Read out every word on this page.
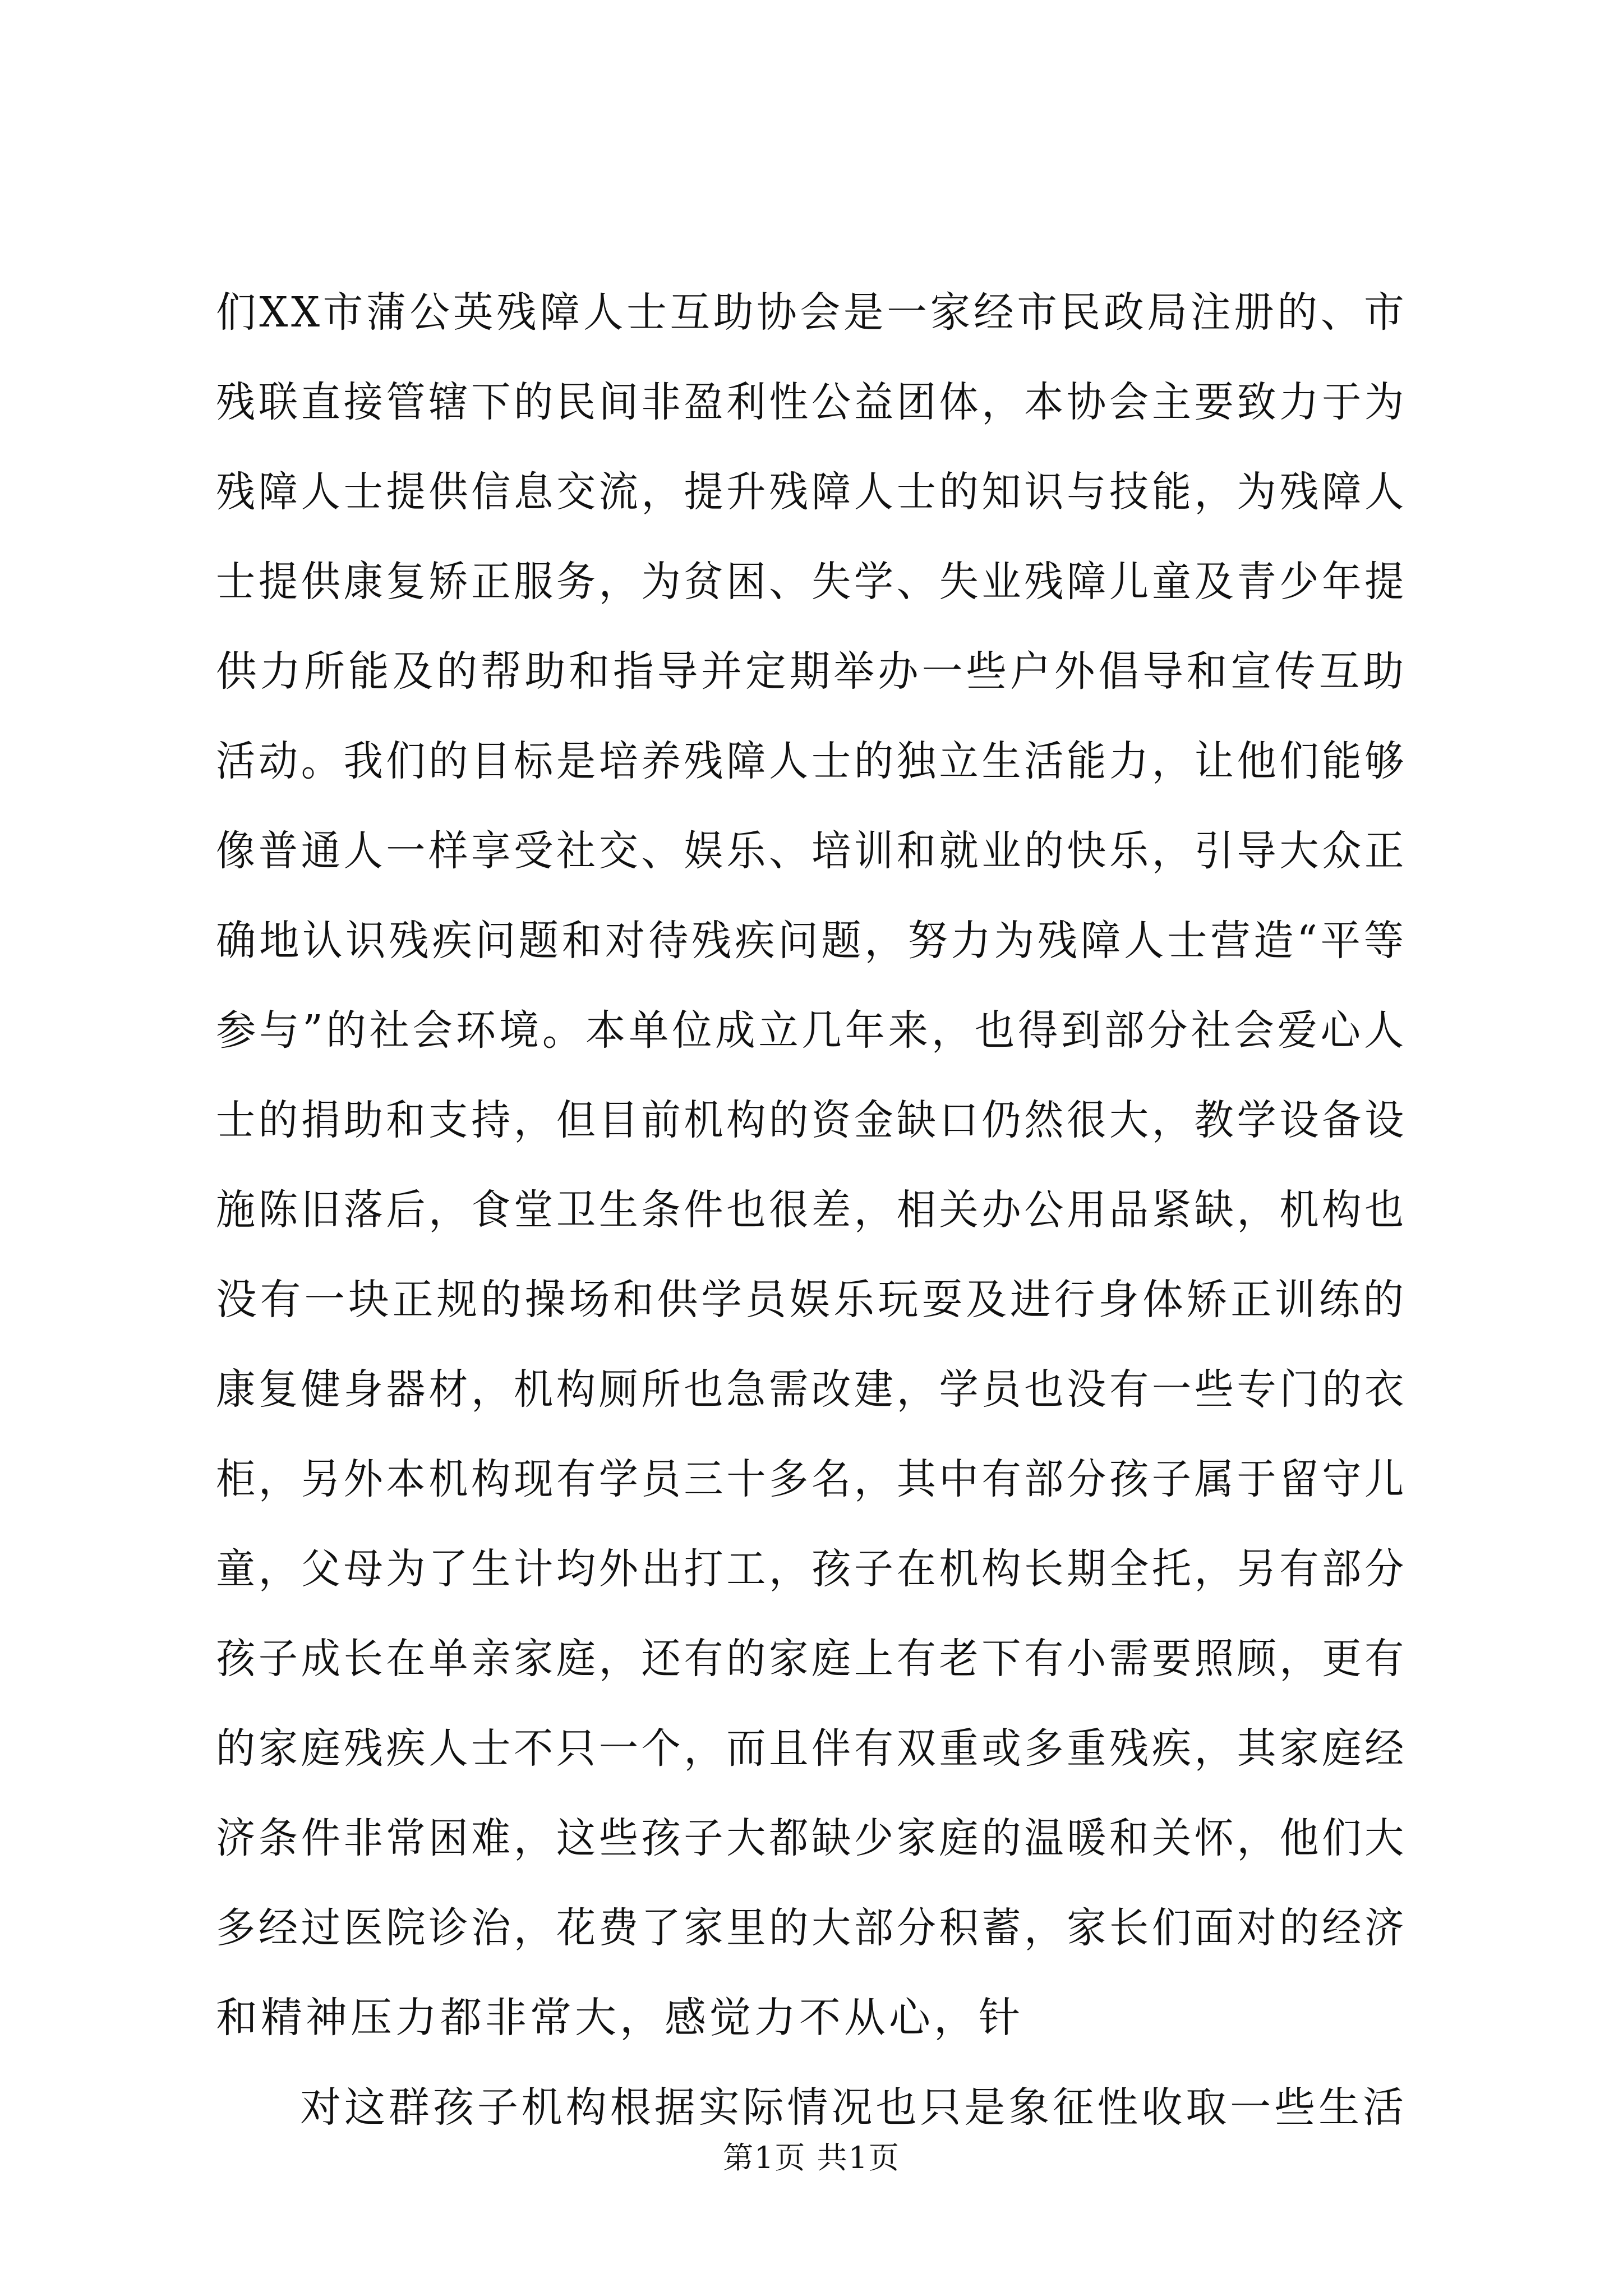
们XX市蒲公英残障人士互助协会是一家经市民政局注册的、市
残联直接管辖下的民间非盈利性公益团体，本协会主要致力于为
残障人士提供信息交流，提升残障人士的知识与技能，为残障人
士提供康复矫正服务，为贫困、失学、失业残障儿童及青少年提
供力所能及的帮助和指导并定期举办一些户外倡导和宣传互助
活动。我们的目标是培养残障人士的独立生活能力，让他们能够
像普通人一样享受社交、娱乐、培训和就业的快乐，引导大众正
确地认识残疾问题和对待残疾问题，努力为残障人士营造“平等
参与”的社会环境。本单位成立几年来，也得到部分社会爱心人
士的捐助和支持，但目前机构的资金缺口仍然很大，教学设备设
施陈旧落后，食堂卫生条件也很差，相关办公用品紧缺，机构也
没有一块正规的操场和供学员娱乐玩耍及进行身体矫正训练的
康复健身器材，机构厕所也急需改建，学员也没有一些专门的衣
柜，另外本机构现有学员三十多名，其中有部分孩子属于留守儿
童，父母为了生计均外出打工，孩子在机构长期全托，另有部分
孩子成长在单亲家庭，还有的家庭上有老下有小需要照顾，更有
的家庭残疾人士不只一个，而且伴有双重或多重残疾，其家庭经
济条件非常困难，这些孩子大都缺少家庭的温暖和关怀，他们大
多经过医院诊治，花费了家里的大部分积蓄，家长们面对的经济
和精神压力都非常大，感觉力不从心，针
对这群孩子机构根据实际情况也只是象征性收取一些生活
第1页 共1页
